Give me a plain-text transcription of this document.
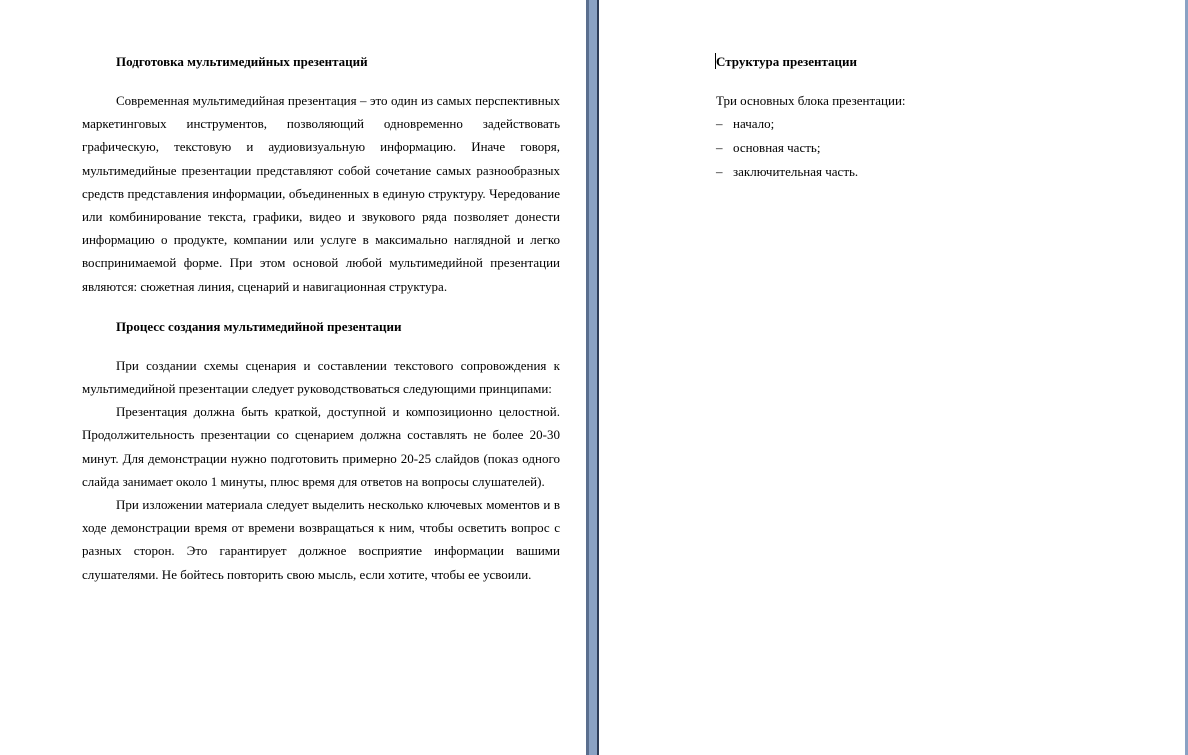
Подготовка мультимедийных презентаций

Современная мультимедийная презентация – это один из самых перспективных маркетинговых инструментов, позволяющий одновременно задействовать графическую, текстовую и аудиовизуальную информацию. Иначе говоря, мультимедийные презентации представляют собой сочетание самых разнообразных средств представления информации, объединенных в единую структуру. Чередование или комбинирование текста, графики, видео и звукового ряда позволяет донести информацию о продукте, компании или услуге в максимально наглядной и легко воспринимаемой форме. При этом основой любой мультимедийной презентации являются: сюжетная линия, сценарий и навигационная структура.

Процесс создания мультимедийной презентации

При создании схемы сценария и составлении текстового сопровождения к мультимедийной презентации следует руководствоваться следующими принципами:

Презентация должна быть краткой, доступной и композиционно целостной. Продолжительность презентации со сценарием должна составлять не более 20-30 минут. Для демонстрации нужно подготовить примерно 20-25 слайдов (показ одного слайда занимает около 1 минуты, плюс время для ответов на вопросы слушателей).

При изложении материала следует выделить несколько ключевых моментов и в ходе демонстрации время от времени возвращаться к ним, чтобы осветить вопрос с разных сторон. Это гарантирует должное восприятие информации вашими слушателями. Не бойтесь повторить свою мысль, если хотите, чтобы ее усвоили.

Структура презентации

Три основных блока презентации:

– начало;
– основная часть;
– заключительная часть.
